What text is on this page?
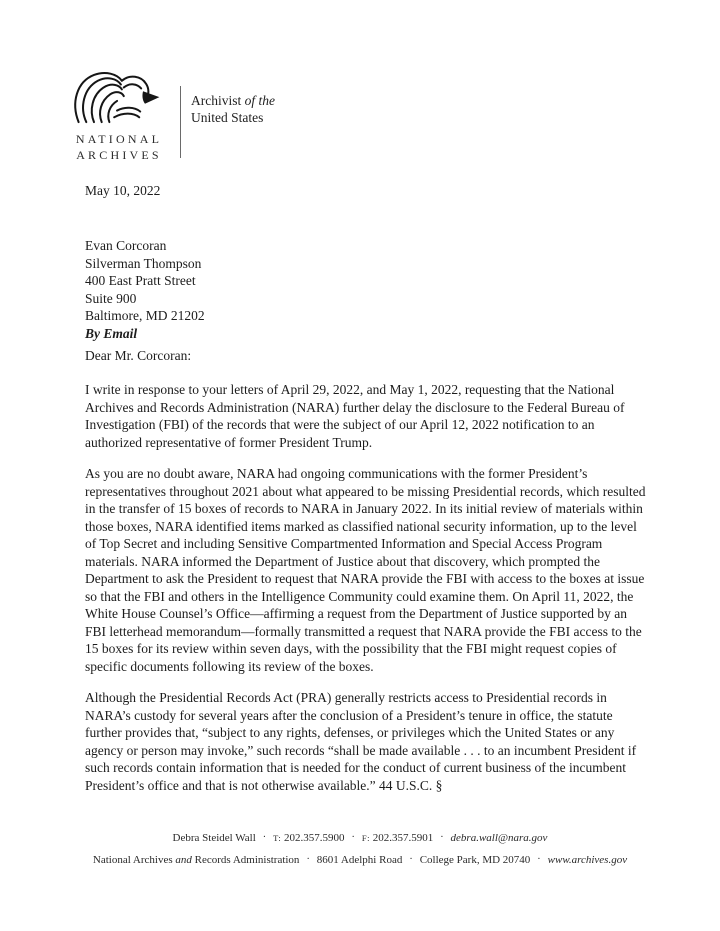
NATIONAL
ARCHIVES
Archivist of the
United States
May 10, 2022
Evan Corcoran
Silverman Thompson
400 East Pratt Street
Suite 900
Baltimore, MD 21202
By Email
Dear Mr. Corcoran:

I write in response to your letters of April 29, 2022, and May 1, 2022, requesting that the National Archives and Records Administration (NARA) further delay the disclosure to the Federal Bureau of Investigation (FBI) of the records that were the subject of our April 12, 2022 notification to an authorized representative of former President Trump.

As you are no doubt aware, NARA had ongoing communications with the former President’s representatives throughout 2021 about what appeared to be missing Presidential records, which resulted in the transfer of 15 boxes of records to NARA in January 2022. In its initial review of materials within those boxes, NARA identified items marked as classified national security information, up to the level of Top Secret and including Sensitive Compartmented Information and Special Access Program materials. NARA informed the Department of Justice about that discovery, which prompted the Department to ask the President to request that NARA provide the FBI with access to the boxes at issue so that the FBI and others in the Intelligence Community could examine them. On April 11, 2022, the White House Counsel’s Office—affirming a request from the Department of Justice supported by an FBI letterhead memorandum—formally transmitted a request that NARA provide the FBI access to the 15 boxes for its review within seven days, with the possibility that the FBI might request copies of specific documents following its review of the boxes.

Although the Presidential Records Act (PRA) generally restricts access to Presidential records in NARA’s custody for several years after the conclusion of a President’s tenure in office, the statute further provides that, “subject to any rights, defenses, or privileges which the United States or any agency or person may invoke,” such records “shall be made available . . . to an incumbent President if such records contain information that is needed for the conduct of current business of the incumbent President’s office and that is not otherwise available.” 44 U.S.C. §

Debra Steidel Wall · T: 202.357.5900 · F: 202.357.5901 · debra.wall@nara.gov
National Archives and Records Administration · 8601 Adelphi Road · College Park, MD 20740 · www.archives.gov
